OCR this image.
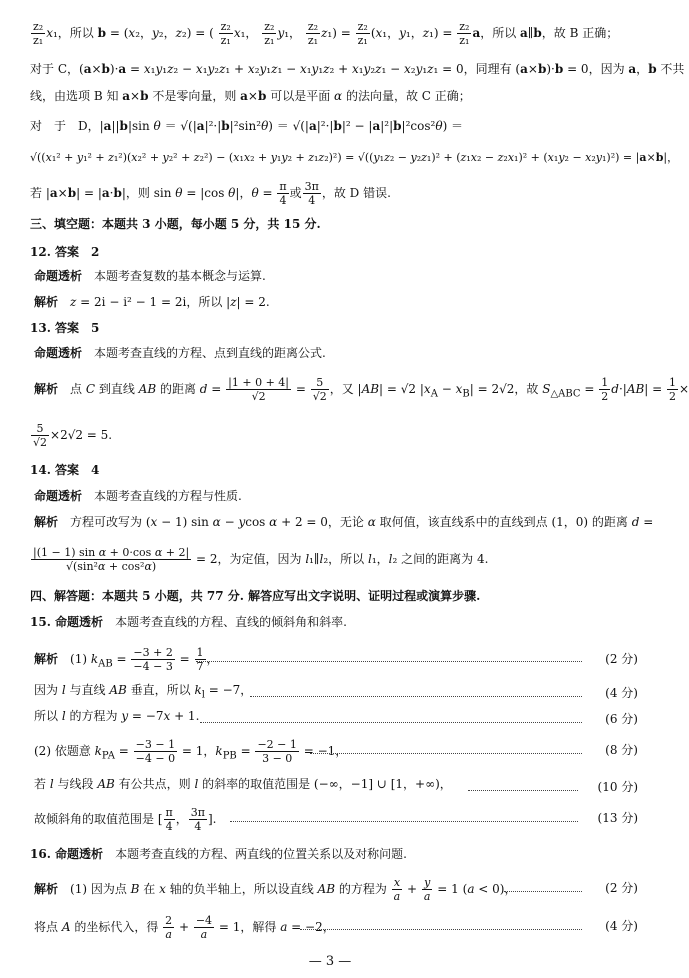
$\frac{\text{z₂}}{\text{z₁}} x_1$，所以 b = (x₂，y₂，z₂) = ( $\frac{\text{z₂}}{\text{z₁}} x_1$， $\frac{\text{z₂}}{\text{z₁}} y_1$， $\frac{\text{z₂}}{\text{z₁}} z_1) = \frac{\text{z₂}}{\text{z₁}} (x_1$，y₁，$z_1) = \frac{\text{z₂}}{\text{z₁}}$ a，所以 a∥b，故 B 正确；
对于 C，(a×b)·a = x₁y₁z₂ − x₁y₂z₁ + x₂y₁z₁ − x₁y₁z₂ + x₁y₂z₁ − x₂y₁z₁ = 0，同理有 (a×b)·b = 0，因为 a，b 不共
线，由选项 B 知 a×b 不是零向量，则 a×b 可以是平面 α 的法向量，故 C 正确；
对　于　D，|a||b|sin θ ＝ √(|a|²·|b|²sin²θ) ＝ √(|a|²·|b|² − |a|²|b|²cos²θ) ＝
√((x₁² + y₁² + z₁²)(x₂² + y₂² + z₂²) − (x₁x₂ + y₁y₂ + z₁z₂)²) = √((y₁z₂ − y₂z₁)² + (z₁x₂ − z₂x₁)² + (x₁y₂ − x₂y₁)²) = |a×b|，
若 |a×b| = |a·b|，则 sin θ = |cos θ|，$\theta = \frac{\pi}{4}$ 或 $\frac{3\pi}{4}$ ，故 D 错误.
三、填空题：本题共 3 小题，每小题 5 分，共 15 分.
12. 答案　2
命题透析　本题考查复数的基本概念与运算.
解析　 z = 2i − i² − 1 = 2i，所以 |z| = 2.
13. 答案　5
命题透析　本题考查直线的方程、点到直线的距离公式.
解析　点 C 到直线 AB 的距离 $d = \frac{|1 + 0 + 4|}{√2} = \frac{5}{√2}$ ，又 |AB| = √2 $|x_A - x_B| = 2√2$，故 $S_{\triangle ABC} = \frac{1}{2} d\cdot|AB| = \frac{1}{2}$ ×
$\frac{5}{√2} \times 2√2 = 5$.
14. 答案　4
命题透析　本题考查直线的方程与性质.
解析　方程可改写为 (x − 1) sin α − ycos α + 2 = 0，无论 α 取何值，该直线系中的直线到点 (1，0) 的距离 d =
$\frac{\text{|(1 − 1) sin α + 0·cos α + 2|}}{\text{√(sin²α + cos²α)}} = 2$，为定值，因为 l₁∥l₂，所以 l₁，l₂ 之间的距离为 4.
四、解答题：本题共 5 小题，共 77 分. 解答应写出文字说明、证明过程或演算步骤.
15. 命题透析　本题考查直线的方程、直线的倾斜角和斜率.
解析　(1) $k_{AB} = \frac{-3 + 2}{-4 - 3} = \frac{1}{7}$ ，	(2 分)
因为 l 与直线 AB 垂直，所以 $k_l = -7$，	(4 分)
所以 l 的方程为 y = −7x + 1.	(6 分)
(2) 依题意 $k_{PA} = \frac{-3 - 1}{-4 - 0} = 1$，$k_{PB} = \frac{-2 - 1}{3 - 0} = -1$，	(8 分)
若 l 与线段 AB 有公共点，则 l 的斜率的取值范围是 (−∞，−1] ∪ [1，+∞)，	(10 分)
故倾斜角的取值范围是 [ $\frac{\pi}{4}$ ， $\frac{3\pi}{4}$ ].	(13 分)
16. 命题透析　本题考查直线的方程、两直线的位置关系以及对称问题.
解析　(1) 因为点 B 在 x 轴的负半轴上，所以设直线 AB 的方程为 $\frac{x}{a} + \frac{y}{a} = 1$ (a < 0)，	(2 分)
将点 A 的坐标代入，得 $\frac{2}{a} + \frac{-4}{a} = 1$，解得 a = −2，	(4 分)
— 3 —
